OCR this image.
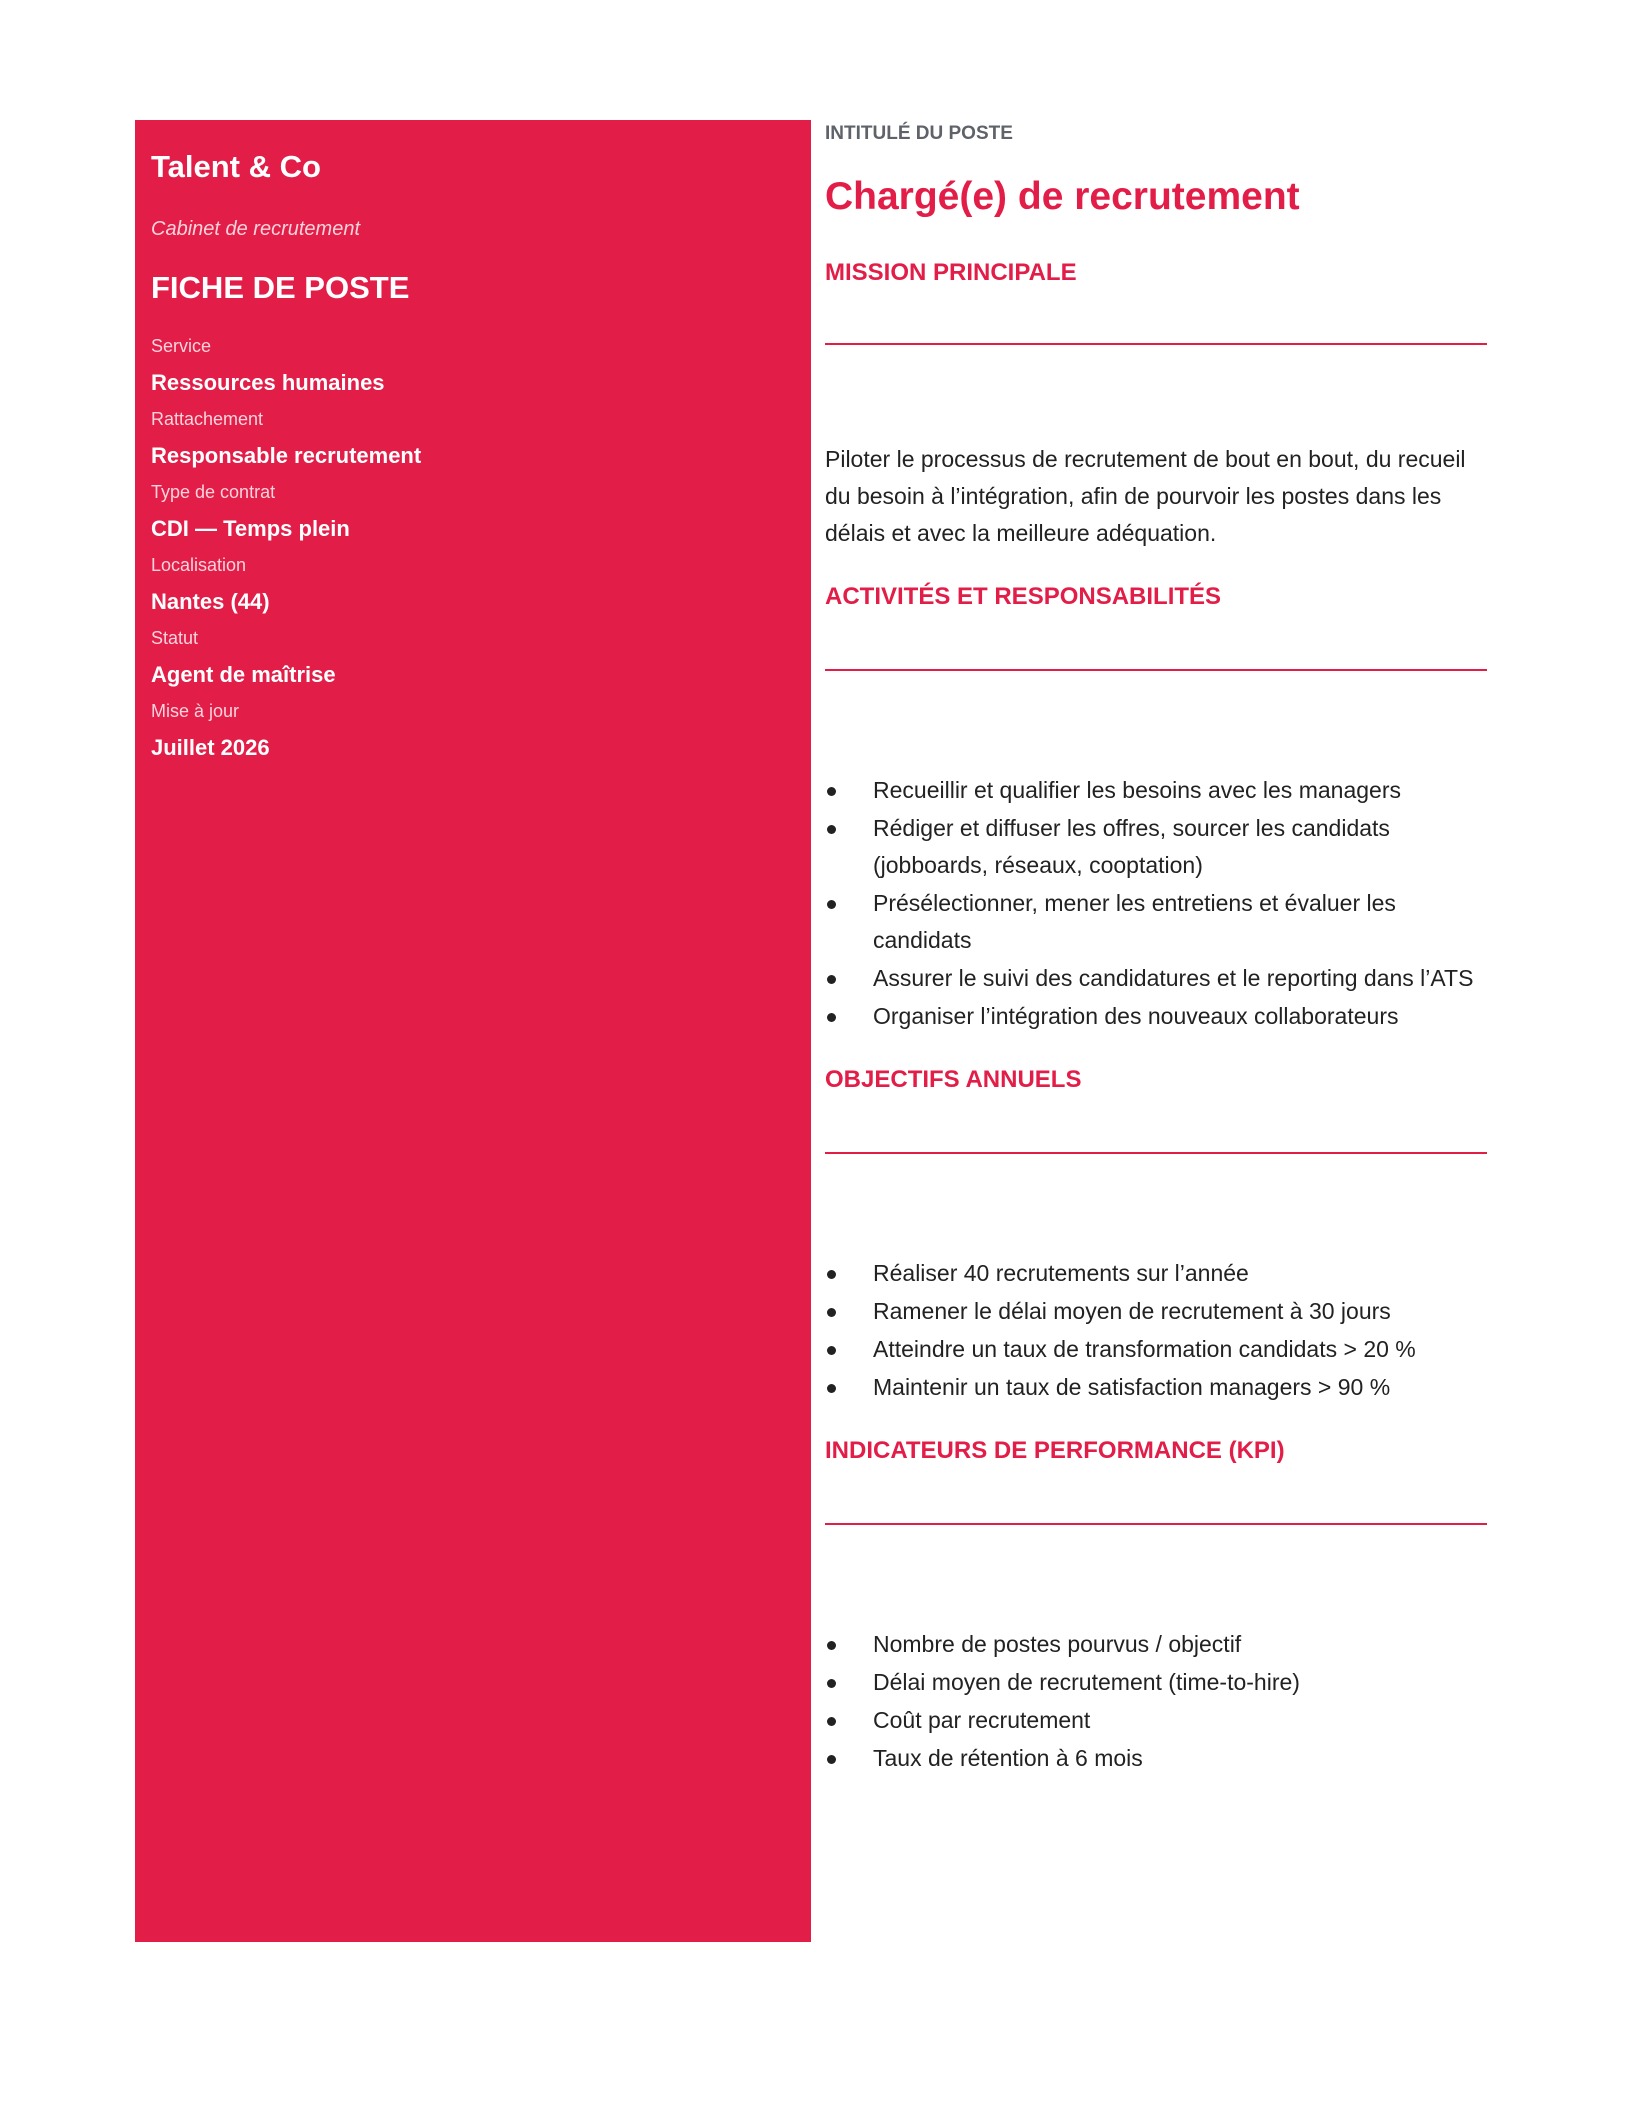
Talent & Co
Cabinet de recrutement
FICHE DE POSTE
Service
Ressources humaines
Rattachement
Responsable recrutement
Type de contrat
CDI — Temps plein
Localisation
Nantes (44)
Statut
Agent de maîtrise
Mise à jour
Juillet 2026
INTITULÉ DU POSTE
Chargé(e) de recrutement
MISSION PRINCIPALE

Piloter le processus de recrutement de bout en bout, du recueil du besoin à l’intégration, afin de pourvoir les postes dans les délais et avec la meilleure adéquation.

ACTIVITÉS ET RESPONSABILITÉS
Recueillir et qualifier les besoins avec les managers
Rédiger et diffuser les offres, sourcer les candidats (jobboards, réseaux, cooptation)
Présélectionner, mener les entretiens et évaluer les candidats
Assurer le suivi des candidatures et le reporting dans l’ATS
Organiser l’intégration des nouveaux collaborateurs
OBJECTIFS ANNUELS
Réaliser 40 recrutements sur l’année
Ramener le délai moyen de recrutement à 30 jours
Atteindre un taux de transformation candidats > 20 %
Maintenir un taux de satisfaction managers > 90 %
INDICATEURS DE PERFORMANCE (KPI)
Nombre de postes pourvus / objectif
Délai moyen de recrutement (time-to-hire)
Coût par recrutement
Taux de rétention à 6 mois
